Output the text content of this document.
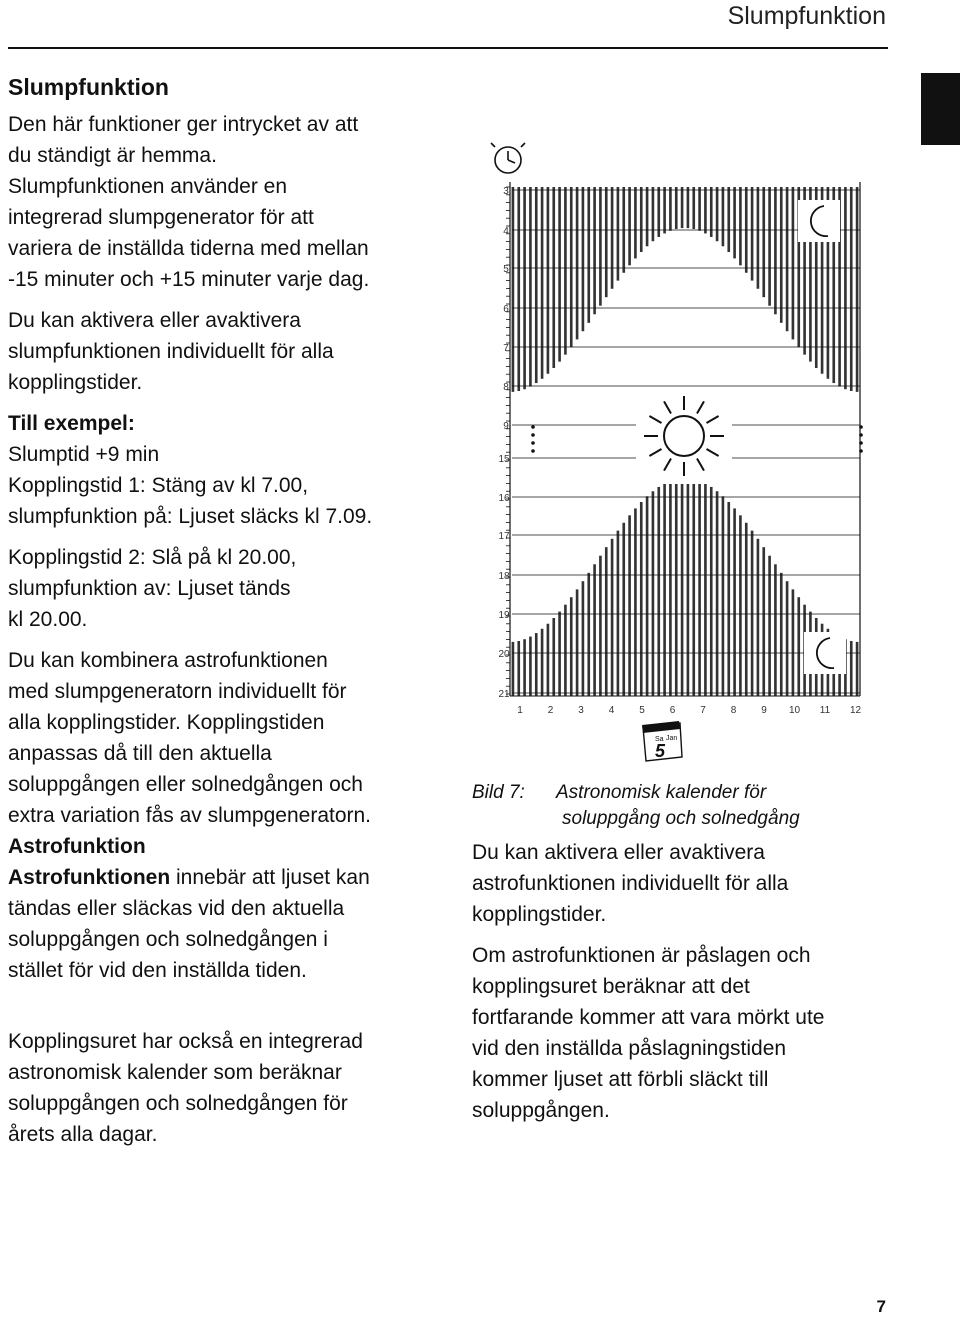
Slumpfunktion

Slumpfunktion

Den här funktioner ger intrycket av att
du ständigt är hemma.
Slumpfunktionen använder en
integrerad slumpgenerator för att
variera de inställda tiderna med mellan
-15 minuter och +15 minuter varje dag.

Du kan aktivera eller avaktivera
slumpfunktionen individuellt för alla
kopplingstider.

Till exempel:
Slumptid +9 min
Kopplingstid 1: Stäng av kl 7.00,
slumpfunktion på: Ljuset släcks kl 7.09.

Kopplingstid 2: Slå på kl 20.00,
slumpfunktion av: Ljuset tänds
kl 20.00.

Du kan kombinera astrofunktionen
med slumpgeneratorn individuellt för
alla kopplingstider. Kopplingstiden
anpassas då till den aktuella
soluppgången eller solnedgången och
extra variation fås av slumpgeneratorn.

Astrofunktion
Astrofunktionen innebär att ljuset kan
tändas eller släckas vid den aktuella
soluppgången och solnedgången i
stället för vid den inställda tiden.

Kopplingsuret har också en integrerad
astronomisk kalender som beräknar
soluppgången och solnedgången för
årets alla dagar.

3
4
5
6
7
8
9
15
16
17
18
19
20
21
1 2 3 4 5 6 7 8 9 10 11 12
Sa Jan
5
Bild 7: Astronomisk kalender för
soluppgång och solnedgång

Du kan aktivera eller avaktivera
astrofunktionen individuellt för alla
kopplingstider.

Om astrofunktionen är påslagen och
kopplingsuret beräknar att det
fortfarande kommer att vara mörkt ute
vid den inställda påslagningstiden
kommer ljuset att förbli släckt till
soluppgången.

7
